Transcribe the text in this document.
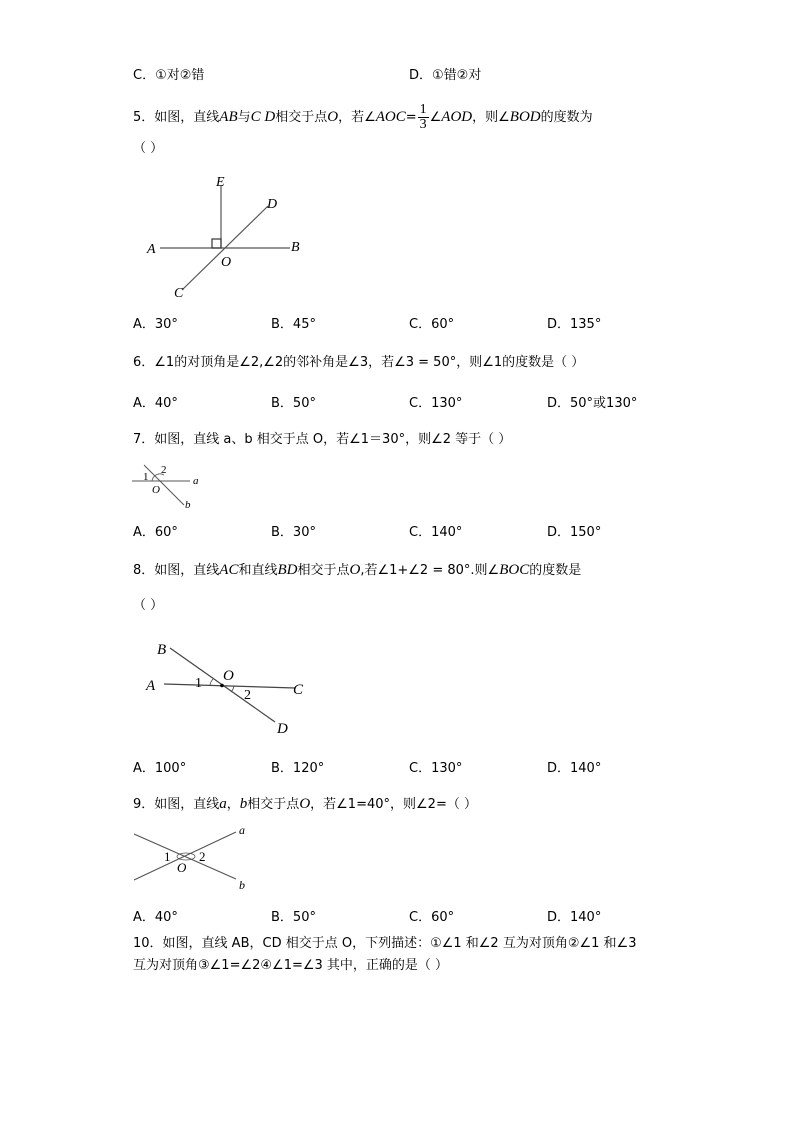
C．①对②错	D．①错②对
5．如图，直线AB与C D相交于点O，若∠AOC= $\frac{1}{3}$ ∠AOD，则∠BOD的度数为
（ ）
E
D
A	B
O
C
A．30°	B．45°	C．60°	D．135°
6．∠1的对顶角是∠2,∠2的邻补角是∠3，若∠3 = 50°，则∠1的度数是（ ）
A．40°	B．50°	C．130°	D．50°或130°
7．如图，直线 a、b 相交于点 O，若∠1＝30°，则∠2 等于（ ）
1
2
O
a
b
A．60°	B．30°	C．140°	D．150°
8．如图，直线AC和直线BD相交于点O,若∠1+∠2 = 80°.则∠BOC的度数是
（ ）
B
O
A	1
2	C
D
A．100°	B．120°	C．130°	D．140°
9．如图，直线a，b相交于点O，若∠1=40°，则∠2=（ ）
a
1 2
O
b
A．40°	B．50°	C．60°	D．140°
10．如图，直线 AB，CD 相交于点 O，下列描述：①∠1 和∠2 互为对顶角②∠1 和∠3
互为对顶角③∠1=∠2④∠1=∠3 其中，正确的是（ ）
